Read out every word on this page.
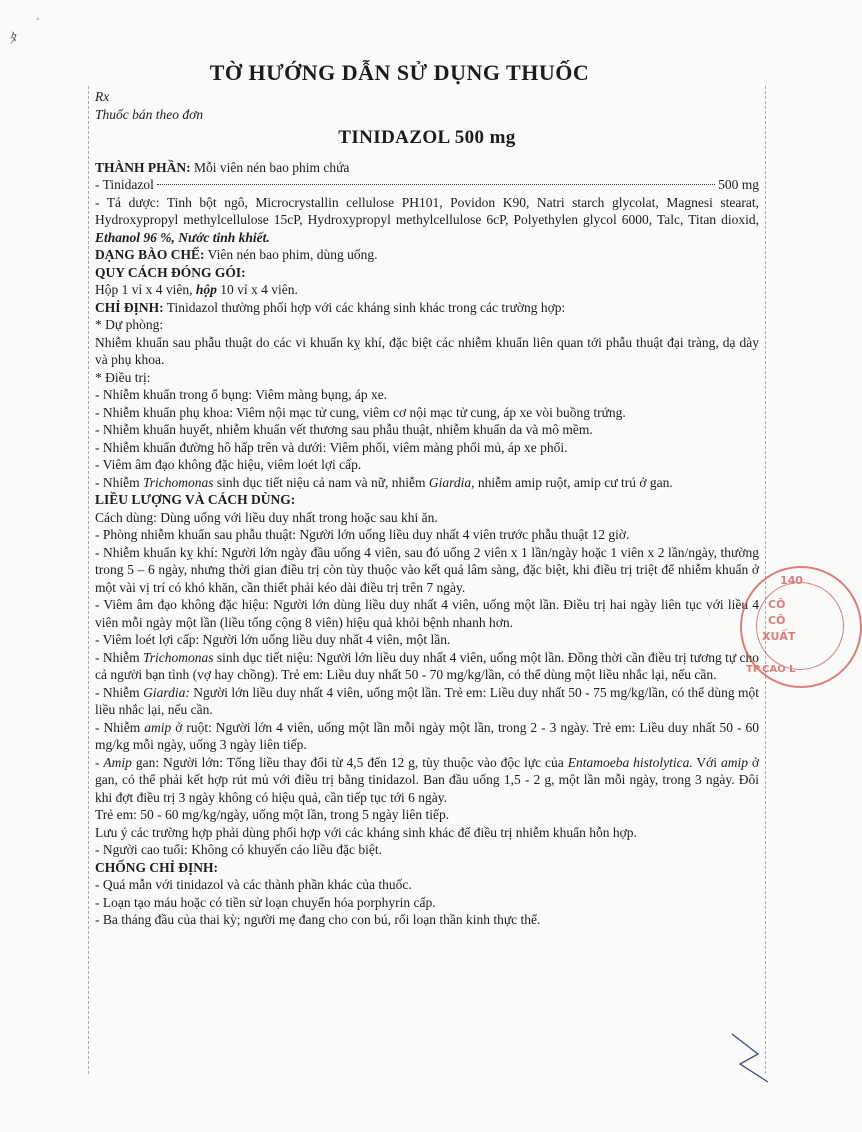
◦
ﾀ
TỜ HƯỚNG DẪN SỬ DỤNG THUỐC
Rx
Thuốc bán theo đơn
TINIDAZOL 500 mg
THÀNH PHẦN: Mỗi viên nén bao phim chứa
- Tinidazol	500 mg
- Tá dược: Tinh bột ngô, Microcrystallin cellulose PH101, Povidon K90, Natri starch glycolat, Magnesi stearat, Hydroxypropyl methylcellulose 15cP, Hydroxypropyl methylcellulose 6cP, Polyethylen glycol 6000, Talc, Titan dioxid, Ethanol 96 %, Nước tinh khiết.
DẠNG BÀO CHẾ: Viên nén bao phim, dùng uống.
QUY CÁCH ĐÓNG GÓI:
Hộp 1 vỉ x 4 viên, hộp 10 vỉ x 4 viên.
CHỈ ĐỊNH: Tinidazol thường phối hợp với các kháng sinh khác trong các trường hợp:
* Dự phòng:
Nhiễm khuẩn sau phẫu thuật do các vi khuẩn kỵ khí, đặc biệt các nhiễm khuẩn liên quan tới phẫu thuật đại tràng, dạ dày và phụ khoa.
* Điều trị:
- Nhiễm khuẩn trong ổ bụng: Viêm màng bụng, áp xe.
- Nhiễm khuẩn phụ khoa: Viêm nội mạc tử cung, viêm cơ nội mạc tử cung, áp xe vòi buồng trứng.
- Nhiễm khuẩn huyết, nhiễm khuẩn vết thương sau phẫu thuật, nhiễm khuẩn da và mô mềm.
- Nhiễm khuẩn đường hô hấp trên và dưới: Viêm phổi, viêm màng phổi mủ, áp xe phổi.
- Viêm âm đạo không đặc hiệu, viêm loét lợi cấp.
- Nhiễm Trichomonas sinh dục tiết niệu cả nam và nữ, nhiễm Giardia, nhiễm amip ruột, amip cư trú ở gan.
LIỀU LƯỢNG VÀ CÁCH DÙNG:
Cách dùng: Dùng uống với liều duy nhất trong hoặc sau khi ăn.
- Phòng nhiễm khuẩn sau phẫu thuật: Người lớn uống liều duy nhất 4 viên trước phẫu thuật 12 giờ.
- Nhiễm khuẩn kỵ khí: Người lớn ngày đầu uống 4 viên, sau đó uống 2 viên x 1 lần/ngày hoặc 1 viên x 2 lần/ngày, thường trong 5 – 6 ngày, nhưng thời gian điều trị còn tùy thuộc vào kết quả lâm sàng, đặc biệt, khi điều trị triệt để nhiễm khuẩn ở một vài vị trí có khó khăn, cần thiết phải kéo dài điều trị trên 7 ngày.
- Viêm âm đạo không đặc hiệu: Người lớn dùng liều duy nhất 4 viên, uống một lần. Điều trị hai ngày liên tục với liều 4 viên mỗi ngày một lần (liều tổng cộng 8 viên) hiệu quả khỏi bệnh nhanh hơn.
- Viêm loét lợi cấp: Người lớn uống liều duy nhất 4 viên, một lần.
- Nhiễm Trichomonas sinh dục tiết niệu: Người lớn liều duy nhất 4 viên, uống một lần. Đồng thời cần điều trị tương tự cho cả người bạn tình (vợ hay chồng). Trẻ em: Liều duy nhất 50 - 70 mg/kg/lần, có thể dùng một liều nhắc lại, nếu cần.
- Nhiễm Giardia: Người lớn liều duy nhất 4 viên, uống một lần. Trẻ em: Liều duy nhất 50 - 75 mg/kg/lần, có thể dùng một liều nhắc lại, nếu cần.
- Nhiễm amip ở ruột: Người lớn 4 viên, uống một lần mỗi ngày một lần, trong 2 - 3 ngày. Trẻ em: Liều duy nhất 50 - 60 mg/kg mỗi ngày, uống 3 ngày liên tiếp.
- Amip gan: Người lớn: Tổng liều thay đổi từ 4,5 đến 12 g, tùy thuộc vào độc lực của Entamoeba histolytica. Với amip ở gan, có thể phải kết hợp rút mủ với điều trị bằng tinidazol. Ban đầu uống 1,5 - 2 g, một lần mỗi ngày, trong 3 ngày. Đôi khi đợt điều trị 3 ngày không có hiệu quả, cần tiếp tục tới 6 ngày.
Trẻ em: 50 - 60 mg/kg/ngày, uống một lần, trong 5 ngày liên tiếp.
Lưu ý các trường hợp phải dùng phối hợp với các kháng sinh khác để điều trị nhiễm khuẩn hỗn hợp.
- Người cao tuổi: Không có khuyến cáo liều đặc biệt.
CHỐNG CHỈ ĐỊNH:
- Quá mẫn với tinidazol và các thành phần khác của thuốc.
- Loạn tạo máu hoặc có tiền sử loạn chuyển hóa porphyrin cấp.
- Ba tháng đầu của thai kỳ; người mẹ đang cho con bú, rối loạn thần kinh thực thể.
140
CÔ
CÔ
XUẤT
TP.CAO L
